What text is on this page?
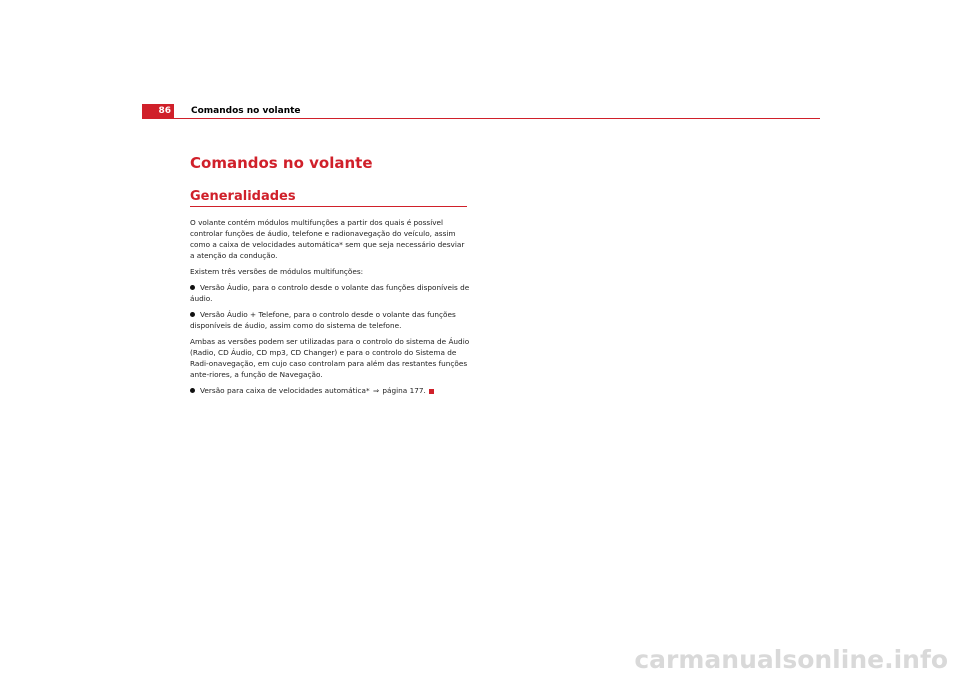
86	Comandos no volante
Comandos no volante
Generalidades

O volante contém módulos multifunções a partir dos quais é possível controlar funções de áudio, telefone e radionavegação do veículo, assim como a caixa de velocidades automática* sem que seja necessário desviar a atenção da condução.

Existem três versões de módulos multifunções:

Versão Áudio, para o controlo desde o volante das funções disponíveis de áudio.
Versão Áudio + Telefone, para o controlo desde o volante das funções disponíveis de áudio, assim como do sistema de telefone.

Ambas as versões podem ser utilizadas para o controlo do sistema de Áudio (Radio, CD Áudio, CD mp3, CD Changer) e para o controlo do Sistema de Radi-onavegação, em cujo caso controlam para além das restantes funções ante-riores, a função de Navegação.

Versão para caixa de velocidades automática* ⇒ página 177.
carmanualsonline.info
